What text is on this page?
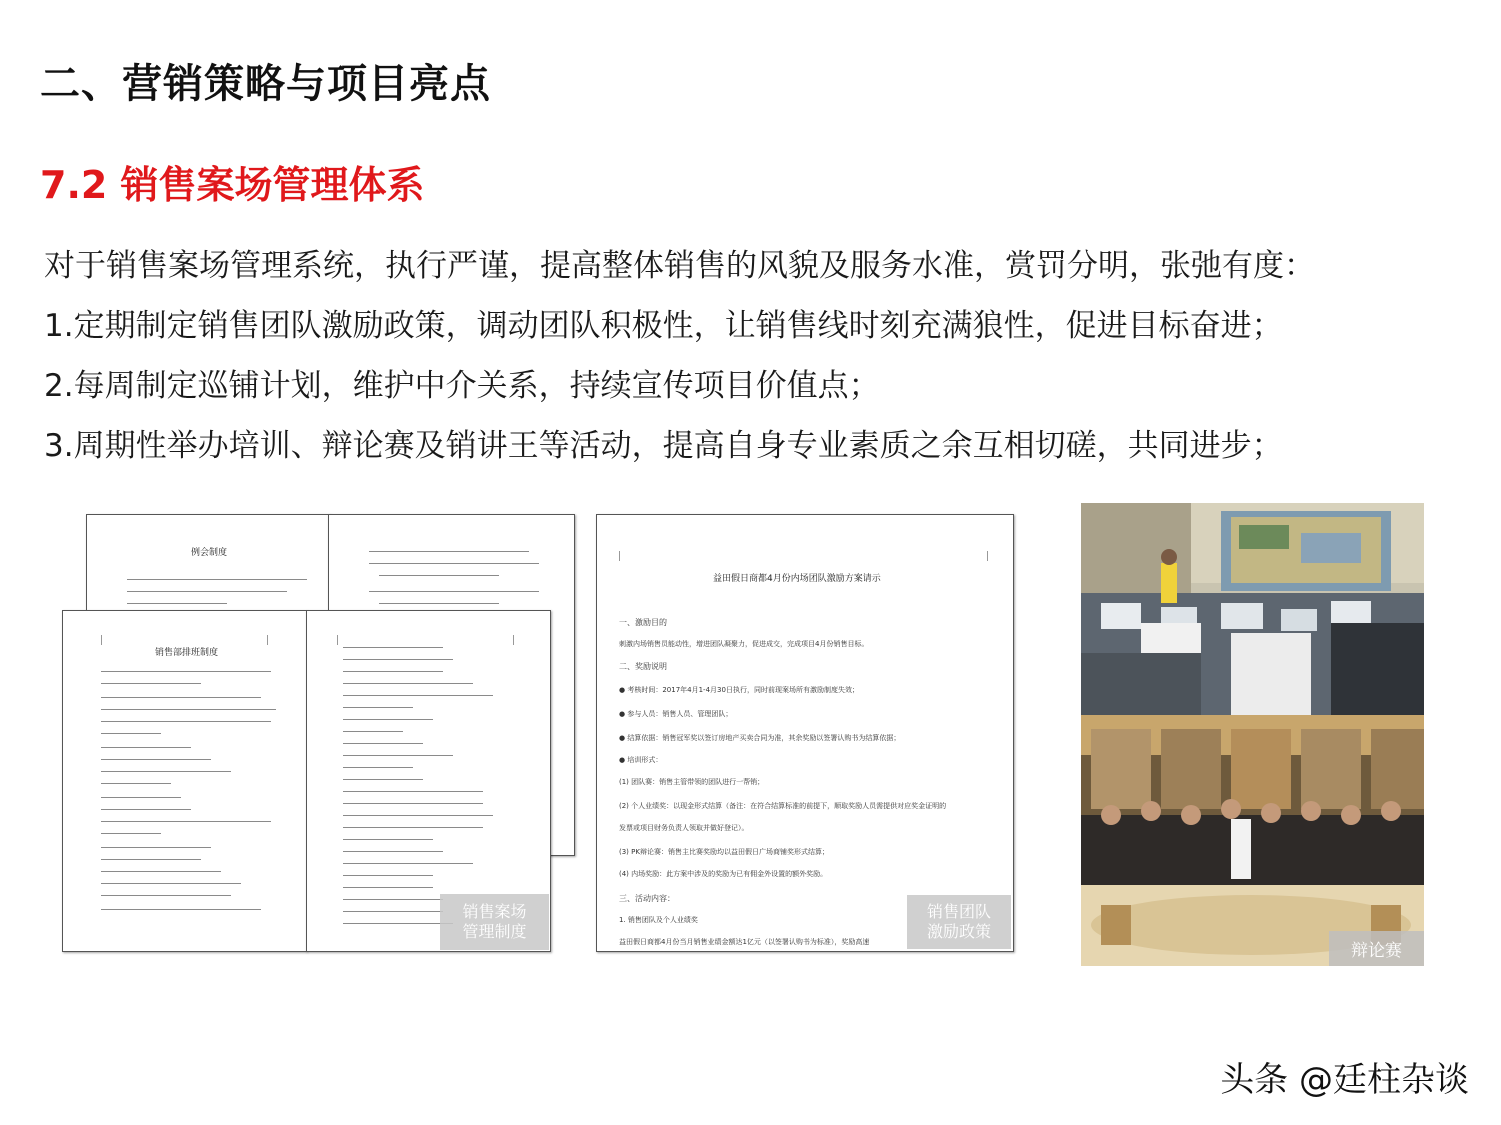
二、营销策略与项目亮点
7.2 销售案场管理体系
对于销售案场管理系统，执行严谨，提高整体销售的风貌及服务水准，赏罚分明，张弛有度：
1.定期制定销售团队激励政策，调动团队积极性，让销售线时刻充满狼性，促进目标奋进；
2.每周制定巡铺计划，维护中介关系，持续宣传项目价值点；
3.周期性举办培训、辩论赛及销讲王等活动，提高自身专业素质之余互相切磋，共同进步；
例会制度
销售部排班制度
销售案场
管理制度
益田假日商都4月份内场团队激励方案请示
一、激励目的
刺激内场销售员能动性，增进团队凝聚力，促进成交，完成项目4月份销售目标。
二、奖励说明
● 考核时间：2017年4月1-4月30日执行，同时前现案场所有激励制度失效；
● 参与人员：销售人员、管理团队；
● 结算依据：销售冠军奖以签订房地产买卖合同为准，其余奖励以签署认购书为结算依据；
● 培训形式：
(1) 团队赛：销售主管带领的团队进行一帮销；
(2) 个人业绩奖：以现金形式结算（备注：在符合结算标准的前提下，顺取奖励人员需提供对应奖金证明的
发票或项目财务负责人领取并做好登记）。
(3) PK辩论赛：销售主比赛奖励均以益田假日广场商铺奖形式结算；
(4) 内场奖励：此方案中涉及的奖励为已有佣金外设置的额外奖励。
三、活动内容：
1. 销售团队及个人业绩奖
益田假日商都4月份当月销售业绩金额达1亿元（以签署认购书为标准），奖励高速
销售团队
激励政策
辩论赛
头条 @廷柱杂谈
